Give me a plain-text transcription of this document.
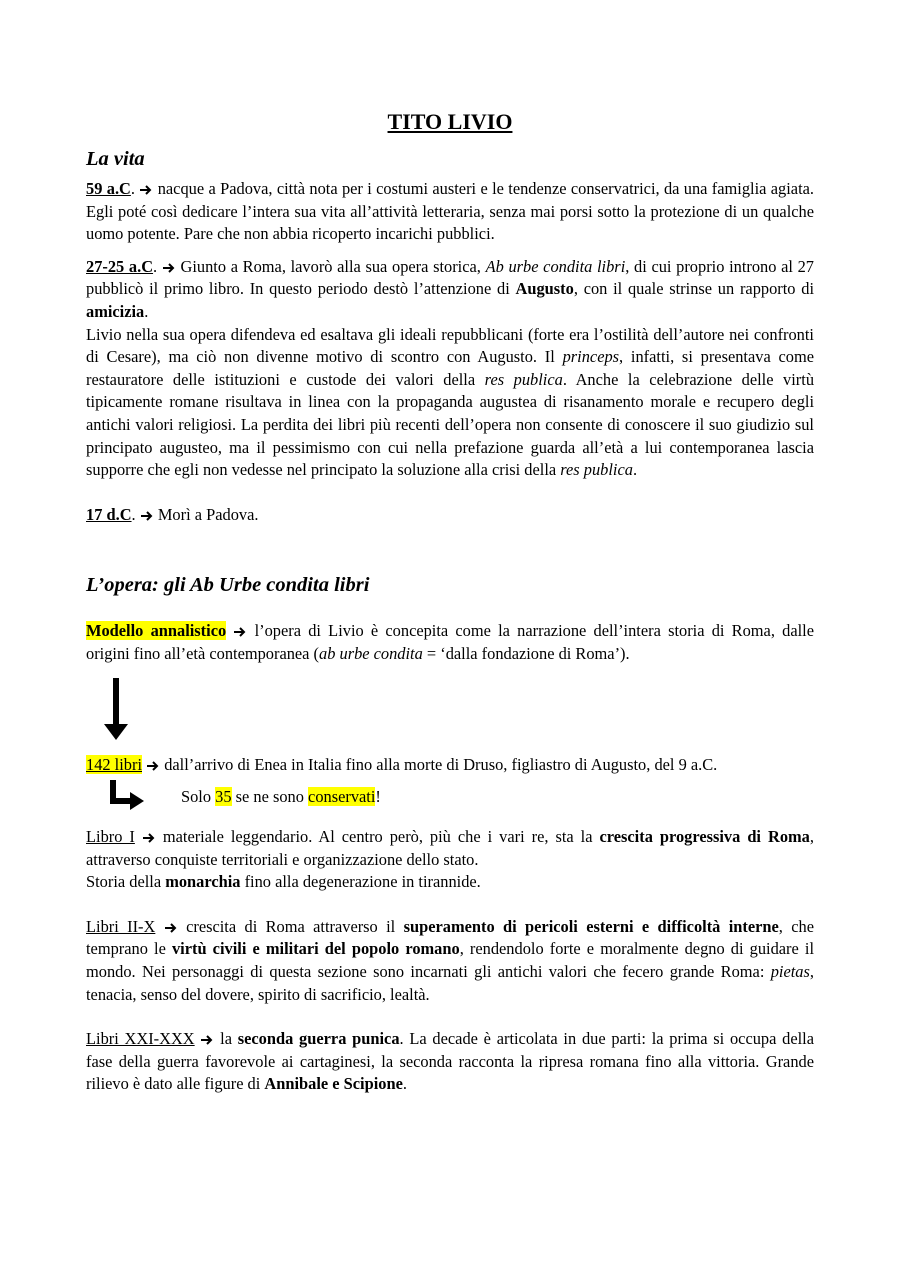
TITO LIVIO
La vita

59 a.C.  nacque a Padova, città nota per i costumi austeri e le tendenze conservatrici, da una famiglia agiata. Egli poté così dedicare l’intera sua vita all’attività letteraria, senza mai porsi sotto la protezione di un qualche uomo potente. Pare che non abbia ricoperto incarichi pubblici.

27-25 a.C.  Giunto a Roma, lavorò alla sua opera storica, Ab urbe condita libri, di cui proprio introno al 27 pubblicò il primo libro. In questo periodo destò l’attenzione di Augusto, con il quale strinse un rapporto di amicizia.

Livio nella sua opera difendeva ed esaltava gli ideali repubblicani (forte era l’ostilità dell’autore nei confronti di Cesare), ma ciò non divenne motivo di scontro con Augusto. Il princeps, infatti, si presentava come restauratore delle istituzioni e custode dei valori della res publica. Anche la celebrazione delle virtù tipicamente romane risultava in linea con la propaganda augustea di risanamento morale e recupero degli antichi valori religiosi. La perdita dei libri più recenti dell’opera non consente di conoscere il suo giudizio sul principato augusteo, ma il pessimismo con cui nella prefazione guarda all’età a lui contemporanea lascia supporre che egli non vedesse nel principato la soluzione alla crisi della res publica.

17 d.C.  Morì a Padova.

L’opera: gli Ab Urbe condita libri

Modello annalistico  l’opera di Livio è concepita come la narrazione dell’intera storia di Roma, dalle origini fino all’età contemporanea (ab urbe condita = ‘dalla fondazione di Roma’).

142 libri  dall’arrivo di Enea in Italia fino alla morte di Druso, figliastro di Augusto, del 9 a.C.

Solo 35 se ne sono conservati!

Libro I  materiale leggendario. Al centro però, più che i vari re, sta la crescita progressiva di Roma, attraverso conquiste territoriali e organizzazione dello stato.

Storia della monarchia fino alla degenerazione in tirannide.

Libri II-X  crescita di Roma attraverso il superamento di pericoli esterni e difficoltà interne, che temprano le virtù civili e militari del popolo romano, rendendolo forte e moralmente degno di guidare il mondo. Nei personaggi di questa sezione sono incarnati gli antichi valori che fecero grande Roma: pietas, tenacia, senso del dovere, spirito di sacrificio, lealtà.

Libri XXI-XXX  la seconda guerra punica. La decade è articolata in due parti: la prima si occupa della fase della guerra favorevole ai cartaginesi, la seconda racconta la ripresa romana fino alla vittoria. Grande rilievo è dato alle figure di Annibale e Scipione.
